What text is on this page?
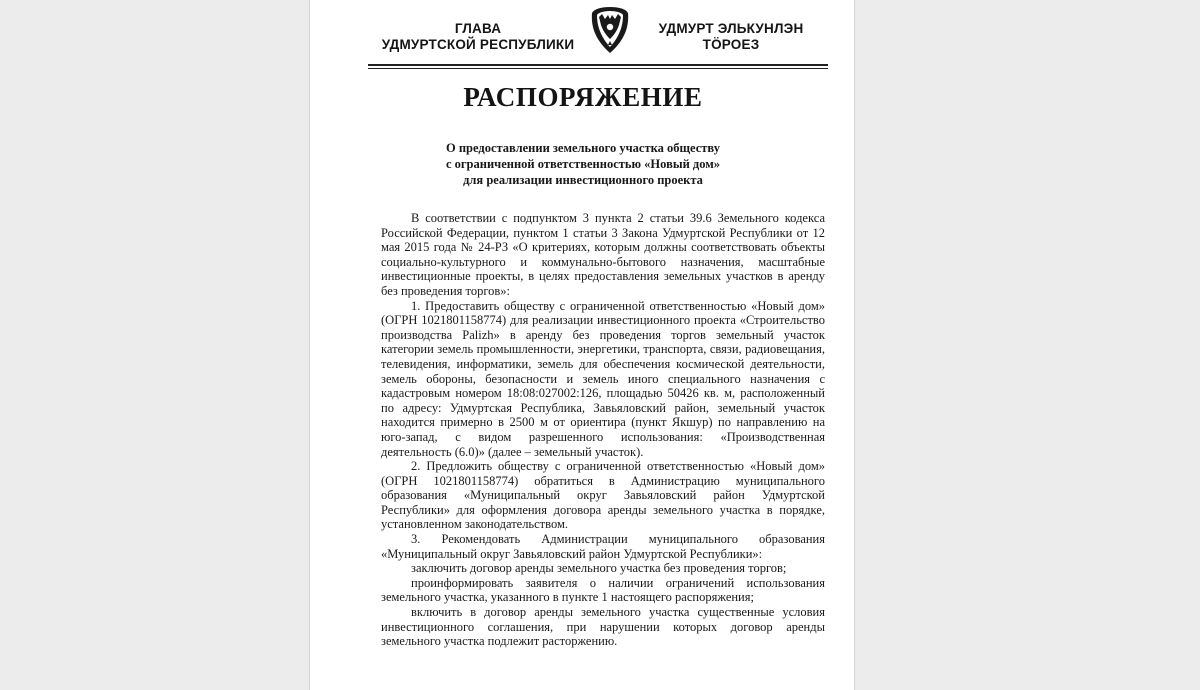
ГЛАВА
УДМУРТСКОЙ РЕСПУБЛИКИ
УДМУРТ ЭЛЬКУНЛЭН
ТӦРОЕЗ
РАСПОРЯЖЕНИЕ
О предоставлении земельного участка обществу
с ограниченной ответственностью «Новый дом»
для реализации инвестиционного проекта

В соответствии с подпунктом 3 пункта 2 статьи 39.6 Земельного кодекса Российской Федерации, пунктом 1 статьи 3 Закона Удмуртской Республики от 12 мая 2015 года № 24-РЗ «О критериях, которым должны соответствовать объекты социально-культурного и коммунально-бытового назначения, масштабные инвестиционные проекты, в целях предоставления земельных участков в аренду без проведения торгов»:

1. Предоставить обществу с ограниченной ответственностью «Новый дом» (ОГРН 1021801158774) для реализации инвестиционного проекта «Строительство производства Palizh» в аренду без проведения торгов земельный участок категории земель промышленности, энергетики, транспорта, связи, радиовещания, телевидения, информатики, земель для обеспечения космической деятельности, земель обороны, безопасности и земель иного специального назначения с кадастровым номером 18:08:027002:126, площадью 50426 кв. м, расположенный по адресу: Удмуртская Республика, Завьяловский район, земельный участок находится примерно в 2500 м от ориентира (пункт Якшур) по направлению на юго-запад, с видом разрешенного использования: «Производственная деятельность (6.0)» (далее – земельный участок).

2. Предложить обществу с ограниченной ответственностью «Новый дом» (ОГРН 1021801158774) обратиться в Администрацию муниципального образования «Муниципальный округ Завьяловский район Удмуртской Республики» для оформления договора аренды земельного участка в порядке, установленном законодательством.

3. Рекомендовать Администрации муниципального образования «Муниципальный округ Завьяловский район Удмуртской Республики»:

заключить договор аренды земельного участка без проведения торгов;

проинформировать заявителя о наличии ограничений использования земельного участка, указанного в пункте 1 настоящего распоряжения;

включить в договор аренды земельного участка существенные условия инвестиционного соглашения, при нарушении которых договор аренды земельного участка подлежит расторжению.
